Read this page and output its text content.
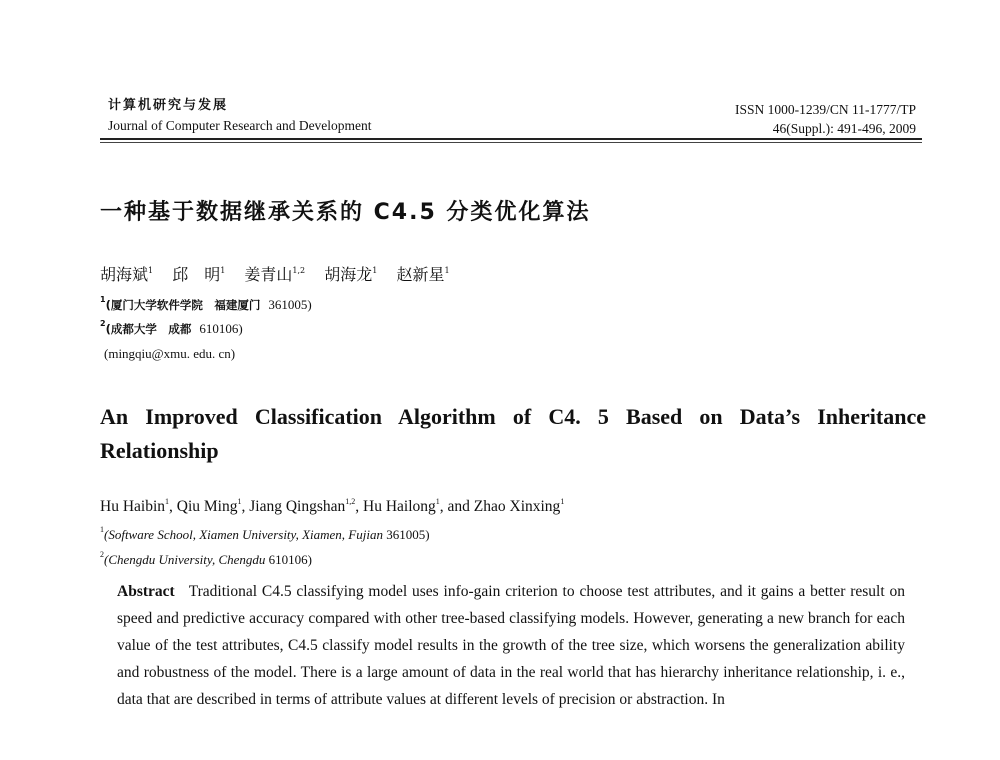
计算机研究与发展
Journal of Computer Research and Development
ISSN 1000-1239/CN 11-1777/TP
46(Suppl.): 491-496, 2009
一种基于数据继承关系的 C4.5 分类优化算法
胡海斌$^1$ 邱　明$^1$ 姜青山$^{1,2}$ 胡海龙$^1$ 赵新星$^1$
$^1$(厦门大学软件学院　福建厦门 361005)
$^2$(成都大学　成都 610106)
(mingqiu@xmu. edu. cn)
An Improved Classification Algorithm of C4. 5 Based on Data’s Inheritance Relationship
Hu Haibin$^1$, Qiu Ming$^1$, Jiang Qingshan$^{1,2}$, Hu Hailong$^1$, and Zhao Xinxing$^1$
$^1$(Software School, Xiamen University, Xiamen, Fujian 361005)
$^2$(Chengdu University, Chengdu 610106)
Abstract Traditional C4.5 classifying model uses info-gain criterion to choose test attributes, and it gains a better result on speed and predictive accuracy compared with other tree-based classifying models. However, generating a new branch for each value of the test attributes, C4.5 classify model results in the growth of the tree size, which worsens the generalization ability and robustness of the model. There is a large amount of data in the real world that has hierarchy inheritance relationship, i. e., data that are described in terms of attribute values at different levels of precision or abstraction. In
